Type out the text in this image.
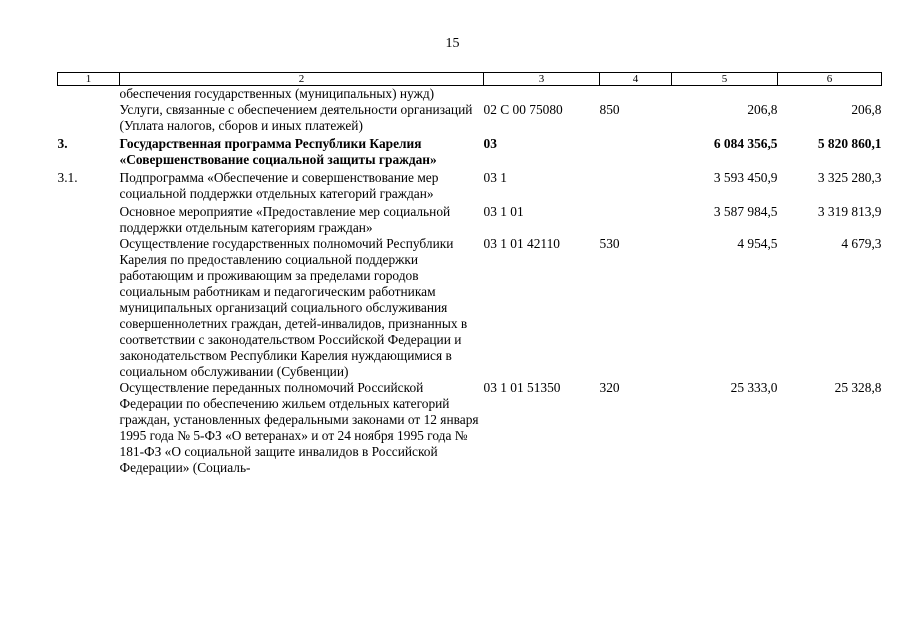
15
1	2	3	4	5	6
	обеспечения государственных (муниципальных) нужд)				
	Услуги, связанные с обеспечением деятельности организаций (Уплата налогов, сборов и иных платежей)	02 С 00 75080	850	206,8	206,8
3.	Государственная программа Республики Карелия «Совершенствование социальной защиты граждан»	03		6 084 356,5	5 820 860,1
3.1.	Подпрограмма «Обеспечение и совершенствование мер социальной поддержки отдельных категорий граждан»	03 1		3 593 450,9	3 325 280,3
	Основное мероприятие «Предоставление мер социальной поддержки отдельным категориям граждан»	03 1 01		3 587 984,5	3 319 813,9
	Осуществление государственных полномочий Республики Карелия по предоставлению социальной поддержки работающим и проживающим за пределами городов социальным работникам и педагогическим работникам муниципальных организаций социального обслуживания совершеннолетних граждан, детей-инвалидов, признанных в соответствии с законодательством Российской Федерации и законодательством Республики Карелия нуждающимися в социальном обслуживании (Субвенции)	03 1 01 42110	530	4 954,5	4 679,3
	Осуществление переданных полномочий Российской Федерации по обеспечению жильем отдельных категорий граждан, установленных федеральными законами от 12 января 1995 года № 5-ФЗ «О ветеранах» и от 24 ноября 1995 года № 181-ФЗ «О социальной защите инвалидов в Российской Федерации» (Социаль-	03 1 01 51350	320	25 333,0	25 328,8
